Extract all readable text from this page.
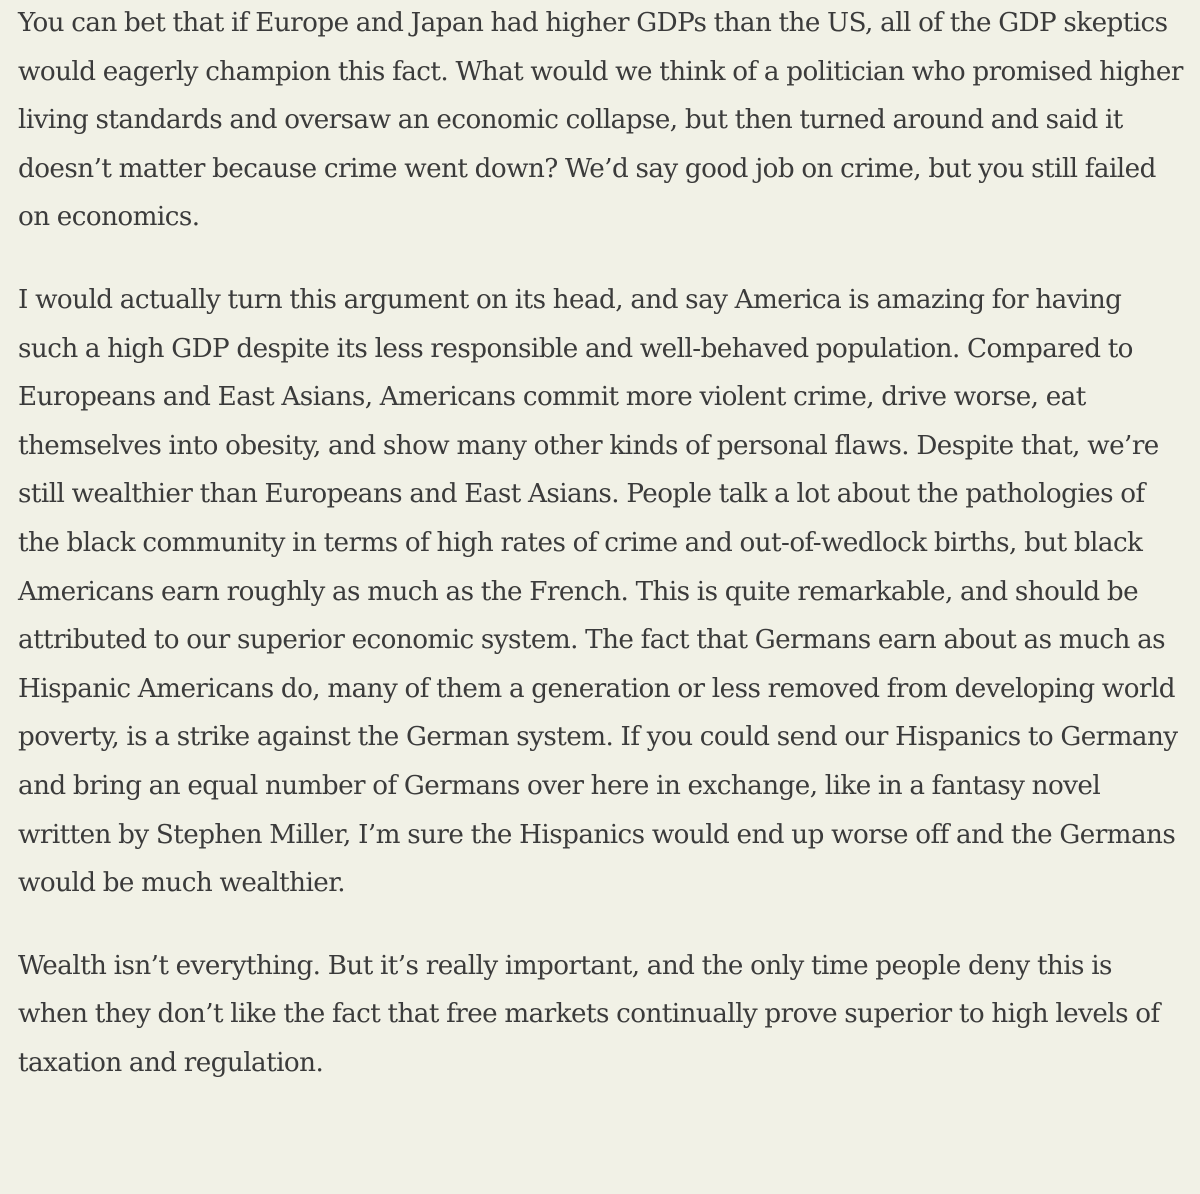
You can bet that if Europe and Japan had higher GDPs than the US, all of the GDP skeptics would eagerly champion this fact. What would we think of a politician who promised higher living standards and oversaw an economic collapse, but then turned around and said it doesn’t matter because crime went down? We’d say good job on crime, but you still failed on economics.

I would actually turn this argument on its head, and say America is amazing for having such a high GDP despite its less responsible and well-behaved population. Compared to Europeans and East Asians, Americans commit more violent crime, drive worse, eat themselves into obesity, and show many other kinds of personal flaws. Despite that, we’re still wealthier than Europeans and East Asians. People talk a lot about the pathologies of the black community in terms of high rates of crime and out-of-wedlock births, but black Americans earn roughly as much as the French. This is quite remarkable, and should be attributed to our superior economic system. The fact that Germans earn about as much as Hispanic Americans do, many of them a generation or less removed from developing world poverty, is a strike against the German system. If you could send our Hispanics to Germany and bring an equal number of Germans over here in exchange, like in a fantasy novel written by Stephen Miller, I’m sure the Hispanics would end up worse off and the Germans would be much wealthier.

Wealth isn’t everything. But it’s really important, and the only time people deny this is when they don’t like the fact that free markets continually prove superior to high levels of taxation and regulation.
